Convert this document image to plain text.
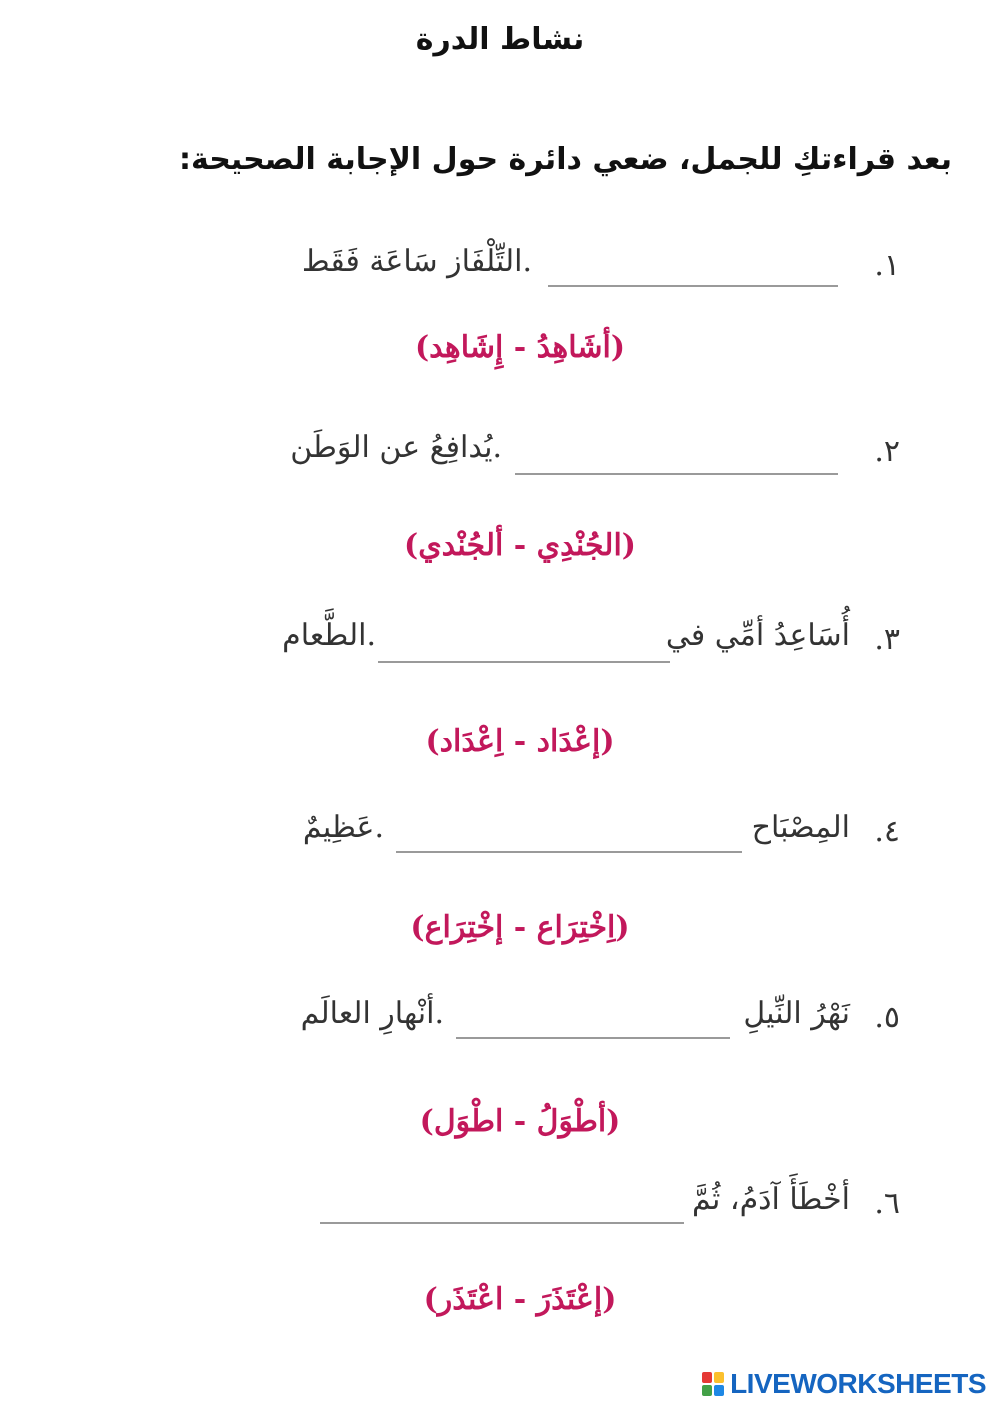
نشاط الدرة
بعد قراءتكِ للجمل، ضعي دائرة حول الإجابة الصحيحة:
١.
التِّلْفَاز سَاعَة فَقَط.
(أشَاهِدُ - إِشَاهِد)
٢.
يُدافِعُ عن الوَطَن.
(الجُنْدِي - ألجُنْدي)
٣.
أُسَاعِدُ أمِّي في
الطَّعام.
(إعْدَاد - اِعْدَاد)
٤.
المِصْبَاح
عَظِيمٌ.
(اِخْتِرَاع - إخْتِرَاع)
٥.
نَهْرُ النِّيلِ
أنْهارِ العالَم.
(أطْوَلُ - اطْوَل)
٦.
أخْطَأَ آدَمُ، ثُمَّ
(إعْتَذَرَ - اعْتَذَر)
LIVEWORKSHEETS
